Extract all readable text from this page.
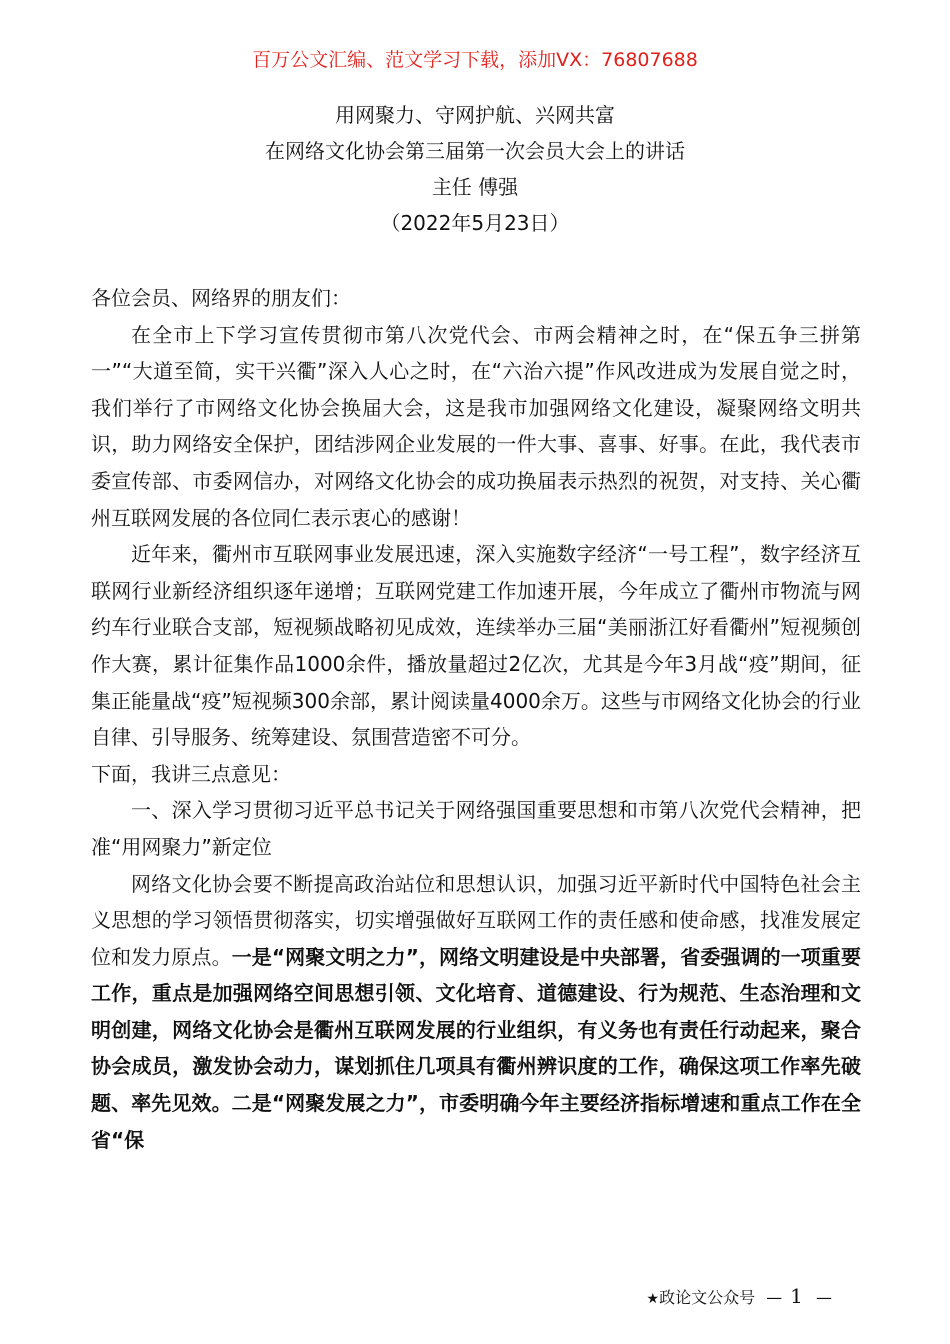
百万公文汇编、范文学习下载，添加VX：76807688
用网聚力、守网护航、兴网共富
在网络文化协会第三届第一次会员大会上的讲话
主任 傅强
（2022年5月23日）

各位会员、网络界的朋友们：

在全市上下学习宣传贯彻市第八次党代会、市两会精神之时，在“保五争三拼第一”“大道至简，实干兴衢”深入人心之时，在“六治六提”作风改进成为发展自觉之时，我们举行了市网络文化协会换届大会，这是我市加强网络文化建设，凝聚网络文明共识，助力网络安全保护，团结涉网企业发展的一件大事、喜事、好事。在此，我代表市委宣传部、市委网信办，对网络文化协会的成功换届表示热烈的祝贺，对支持、关心衢州互联网发展的各位同仁表示衷心的感谢！

近年来，衢州市互联网事业发展迅速，深入实施数字经济“一号工程”，数字经济互联网行业新经济组织逐年递增；互联网党建工作加速开展，今年成立了衢州市物流与网约车行业联合支部，短视频战略初见成效，连续举办三届“美丽浙江好看衢州”短视频创作大赛，累计征集作品1000余件，播放量超过2亿次，尤其是今年3月战“疫”期间，征集正能量战“疫”短视频300余部，累计阅读量4000余万。这些与市网络文化协会的行业自律、引导服务、统筹建设、氛围营造密不可分。

下面，我讲三点意见：

一、深入学习贯彻习近平总书记关于网络强国重要思想和市第八次党代会精神，把准“用网聚力”新定位

网络文化协会要不断提高政治站位和思想认识，加强习近平新时代中国特色社会主义思想的学习领悟贯彻落实，切实增强做好互联网工作的责任感和使命感，找准发展定位和发力原点。一是“网聚文明之力”，网络文明建设是中央部署，省委强调的一项重要工作，重点是加强网络空间思想引领、文化培育、道德建设、行为规范、生态治理和文明创建，网络文化协会是衢州互联网发展的行业组织，有义务也有责任行动起来，聚合协会成员，激发协会动力，谋划抓住几项具有衢州辨识度的工作，确保这项工作率先破题、率先见效。二是“网聚发展之力”，市委明确今年主要经济指标增速和重点工作在全省“保

★政论文公众号 — 1 —
